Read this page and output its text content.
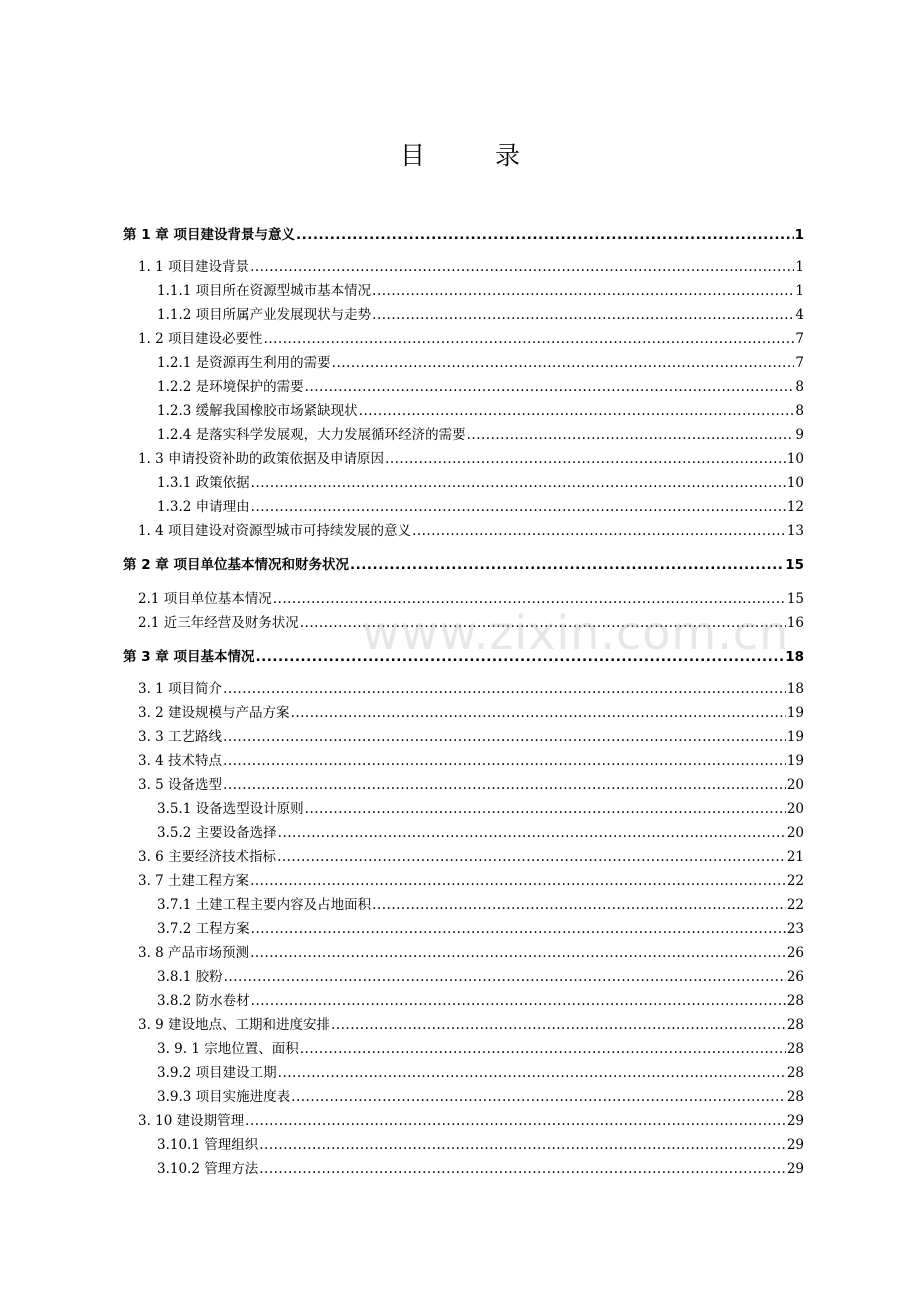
目	录
第 1 章 项目建设背景与意义 .....	1
1. 1 项目建设背景 .....	1
1.1.1 项目所在资源型城市基本情况 .....	1
1.1.2 项目所属产业发展现状与走势 .....	4
1. 2 项目建设必要性 .....	7
1.2.1 是资源再生利用的需要 .....	7
1.2.2 是环境保护的需要 .....	8
1.2.3 缓解我国橡胶市场紧缺现状 .....	8
1.2.4 是落实科学发展观，大力发展循环经济的需要 .....	9
1. 3 申请投资补助的政策依据及申请原因 .....	10
1.3.1 政策依据 .....	10
1.3.2 申请理由 .....	12
1. 4 项目建设对资源型城市可持续发展的意义 .....	13
第 2 章 项目单位基本情况和财务状况 .....	15
2.1 项目单位基本情况 .....	15
2.1 近三年经营及财务状况 .....	16
第 3 章 项目基本情况 .....	18
3. 1 项目简介 .....	18
3. 2 建设规模与产品方案 .....	19
3. 3 工艺路线 .....	19
3. 4 技术特点 .....	19
3. 5 设备选型 .....	20
3.5.1 设备选型设计原则 .....	20
3.5.2 主要设备选择 .....	20
3. 6 主要经济技术指标 .....	21
3. 7 土建工程方案 .....	22
3.7.1 土建工程主要内容及占地面积 .....	22
3.7.2 工程方案 .....	23
3. 8 产品市场预测 .....	26
3.8.1 胶粉 .....	26
3.8.2 防水卷材 .....	28
3. 9 建设地点、工期和进度安排 .....	28
3. 9. 1 宗地位置、面积 .....	28
3.9.2 项目建设工期 .....	28
3.9.3 项目实施进度表 .....	28
3. 10 建设期管理 .....	29
3.10.1 管理组织 .....	29
3.10.2 管理方法 .....	29
www.zixin.com.cn
